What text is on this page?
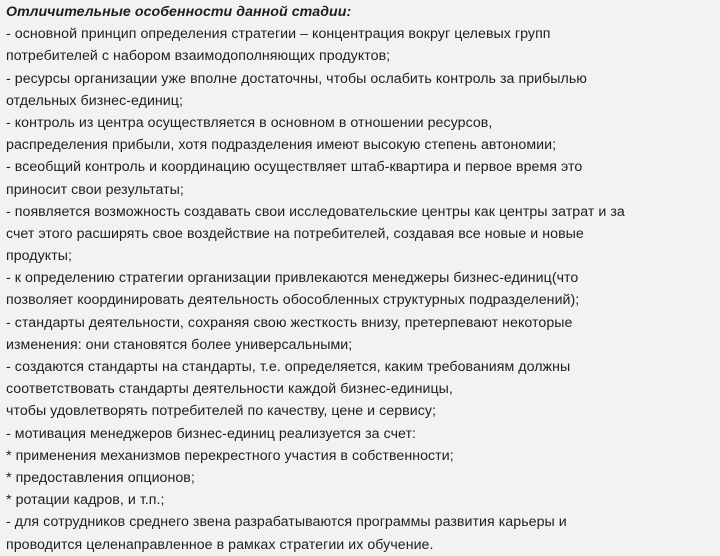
Отличительные особенности данной стадии:
- основной принцип определения стратегии – концентрация вокруг целевых групп
потребителей с набором взаимодополняющих продуктов;
- ресурсы организации уже вполне достаточны, чтобы ослабить контроль за прибылью
отдельных бизнес-единиц;
- контроль из центра осуществляется в основном в отношении ресурсов,
распределения прибыли, хотя подразделения имеют высокую степень автономии;
- всеобщий контроль и координацию осуществляет штаб-квартира и первое время это
приносит свои результаты;
- появляется возможность создавать свои исследовательские центры как центры затрат и за
счет этого расширять свое воздействие на потребителей, создавая все новые и новые
продукты;
- к определению стратегии организации привлекаются менеджеры бизнес-единиц(что
позволяет координировать деятельность обособленных структурных подразделений);
- стандарты деятельности, сохраняя свою жесткость внизу, претерпевают некоторые
изменения: они становятся более универсальными;
- создаются стандарты на стандарты, т.е. определяется, каким требованиям должны
соответствовать стандарты деятельности каждой бизнес-единицы,
чтобы удовлетворять потребителей по качеству, цене и сервису;
- мотивация менеджеров бизнес-единиц реализуется за счет:
* применения механизмов перекрестного участия в собственности;
* предоставления опционов;
* ротации кадров, и т.п.;
- для сотрудников среднего звена разрабатываются программы развития карьеры и
проводится целенаправленное в рамках стратегии их обучение.
